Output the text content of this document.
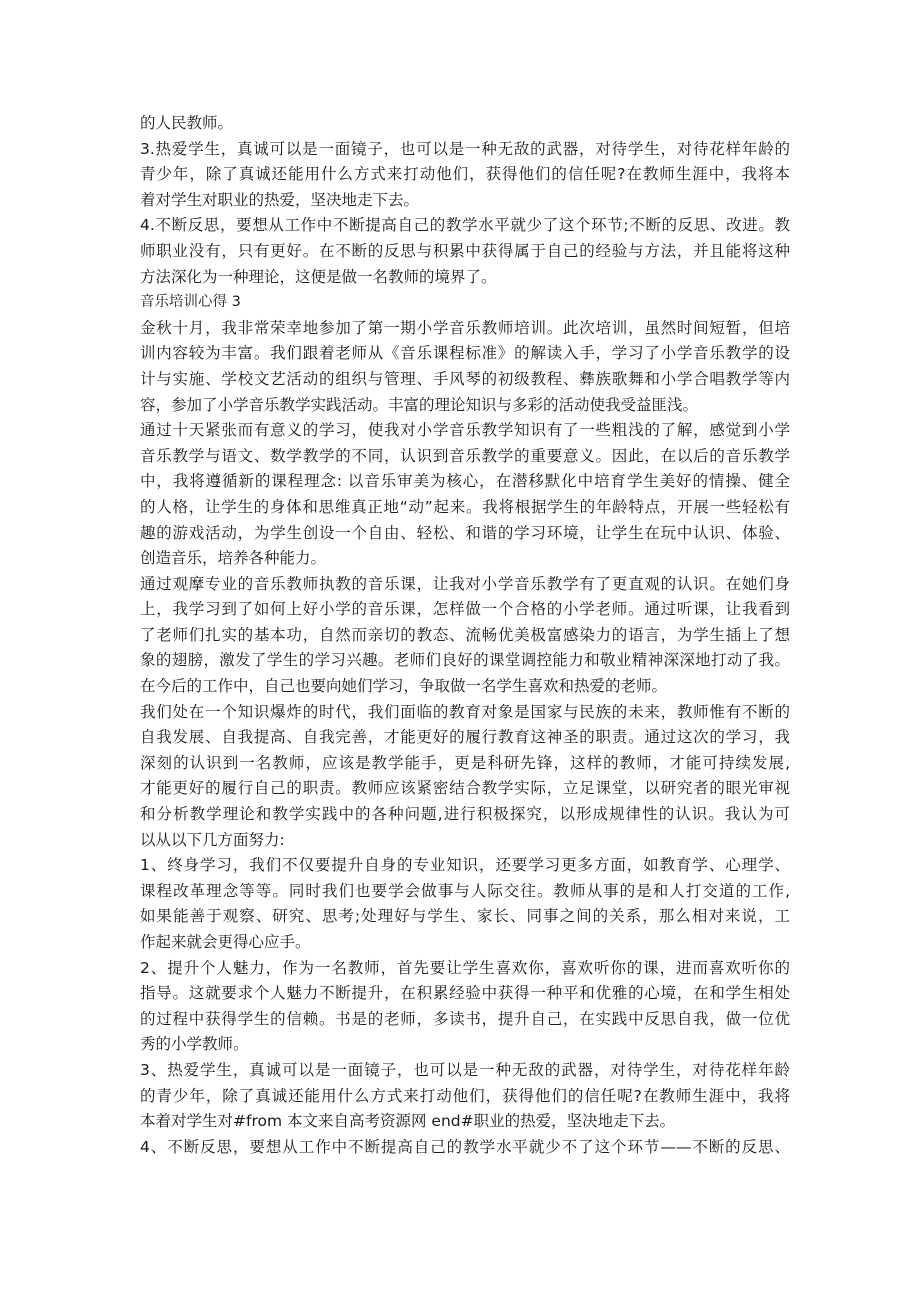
的人民教师。
3.热爱学生，真诚可以是一面镜子，也可以是一种无敌的武器，对待学生，对待花样年龄的
青少年，除了真诚还能用什么方式来打动他们，获得他们的信任呢?在教师生涯中，我将本
着对学生对职业的热爱，坚决地走下去。
4.不断反思，要想从工作中不断提高自己的教学水平就少了这个环节;不断的反思、改进。教
师职业没有，只有更好。在不断的反思与积累中获得属于自己的经验与方法，并且能将这种
方法深化为一种理论，这便是做一名教师的境界了。
音乐培训心得 3
金秋十月，我非常荣幸地参加了第一期小学音乐教师培训。此次培训，虽然时间短暂，但培
训内容较为丰富。我们跟着老师从《音乐课程标准》的解读入手，学习了小学音乐教学的设
计与实施、学校文艺活动的组织与管理、手风琴的初级教程、彝族歌舞和小学合唱教学等内
容，参加了小学音乐教学实践活动。丰富的理论知识与多彩的活动使我受益匪浅。
通过十天紧张而有意义的学习，使我对小学音乐教学知识有了一些粗浅的了解，感觉到小学
音乐教学与语文、数学教学的不同，认识到音乐教学的重要意义。因此，在以后的音乐教学
中，我将遵循新的课程理念: 以音乐审美为核心，在潜移默化中培育学生美好的情操、健全
的人格，让学生的身体和思维真正地“动”起来。我将根据学生的年龄特点，开展一些轻松有
趣的游戏活动，为学生创设一个自由、轻松、和谐的学习环境，让学生在玩中认识、体验、
创造音乐，培养各种能力。
通过观摩专业的音乐教师执教的音乐课，让我对小学音乐教学有了更直观的认识。在她们身
上，我学习到了如何上好小学的音乐课，怎样做一个合格的小学老师。通过听课，让我看到
了老师们扎实的基本功，自然而亲切的教态、流畅优美极富感染力的语言，为学生插上了想
象的翅膀，激发了学生的学习兴趣。老师们良好的课堂调控能力和敬业精神深深地打动了我。
在今后的工作中，自己也要向她们学习，争取做一名学生喜欢和热爱的老师。
我们处在一个知识爆炸的时代，我们面临的教育对象是国家与民族的未来，教师惟有不断的
自我发展、自我提高、自我完善，才能更好的履行教育这神圣的职责。通过这次的学习，我
深刻的认识到一名教师，应该是教学能手，更是科研先锋，这样的教师，才能可持续发展,
才能更好的履行自己的职责。教师应该紧密结合教学实际，立足课堂，以研究者的眼光审视
和分析教学理论和教学实践中的各种问题,进行积极探究，以形成规律性的认识。我认为可
以从以下几方面努力:
1、终身学习，我们不仅要提升自身的专业知识，还要学习更多方面，如教育学、心理学、
课程改革理念等等。同时我们也要学会做事与人际交往。教师从事的是和人打交道的工作,
如果能善于观察、研究、思考;处理好与学生、家长、同事之间的关系，那么相对来说，工
作起来就会更得心应手。
2、提升个人魅力，作为一名教师，首先要让学生喜欢你，喜欢听你的课，进而喜欢听你的
指导。这就要求个人魅力不断提升，在积累经验中获得一种平和优雅的心境，在和学生相处
的过程中获得学生的信赖。书是的老师，多读书，提升自己，在实践中反思自我，做一位优
秀的小学教师。
3、热爱学生，真诚可以是一面镜子，也可以是一种无敌的武器，对待学生，对待花样年龄
的青少年，除了真诚还能用什么方式来打动他们，获得他们的信任呢?在教师生涯中，我将
本着对学生对#from 本文来自高考资源网 end#职业的热爱，坚决地走下去。
4、不断反思，要想从工作中不断提高自己的教学水平就少不了这个环节——不断的反思、
